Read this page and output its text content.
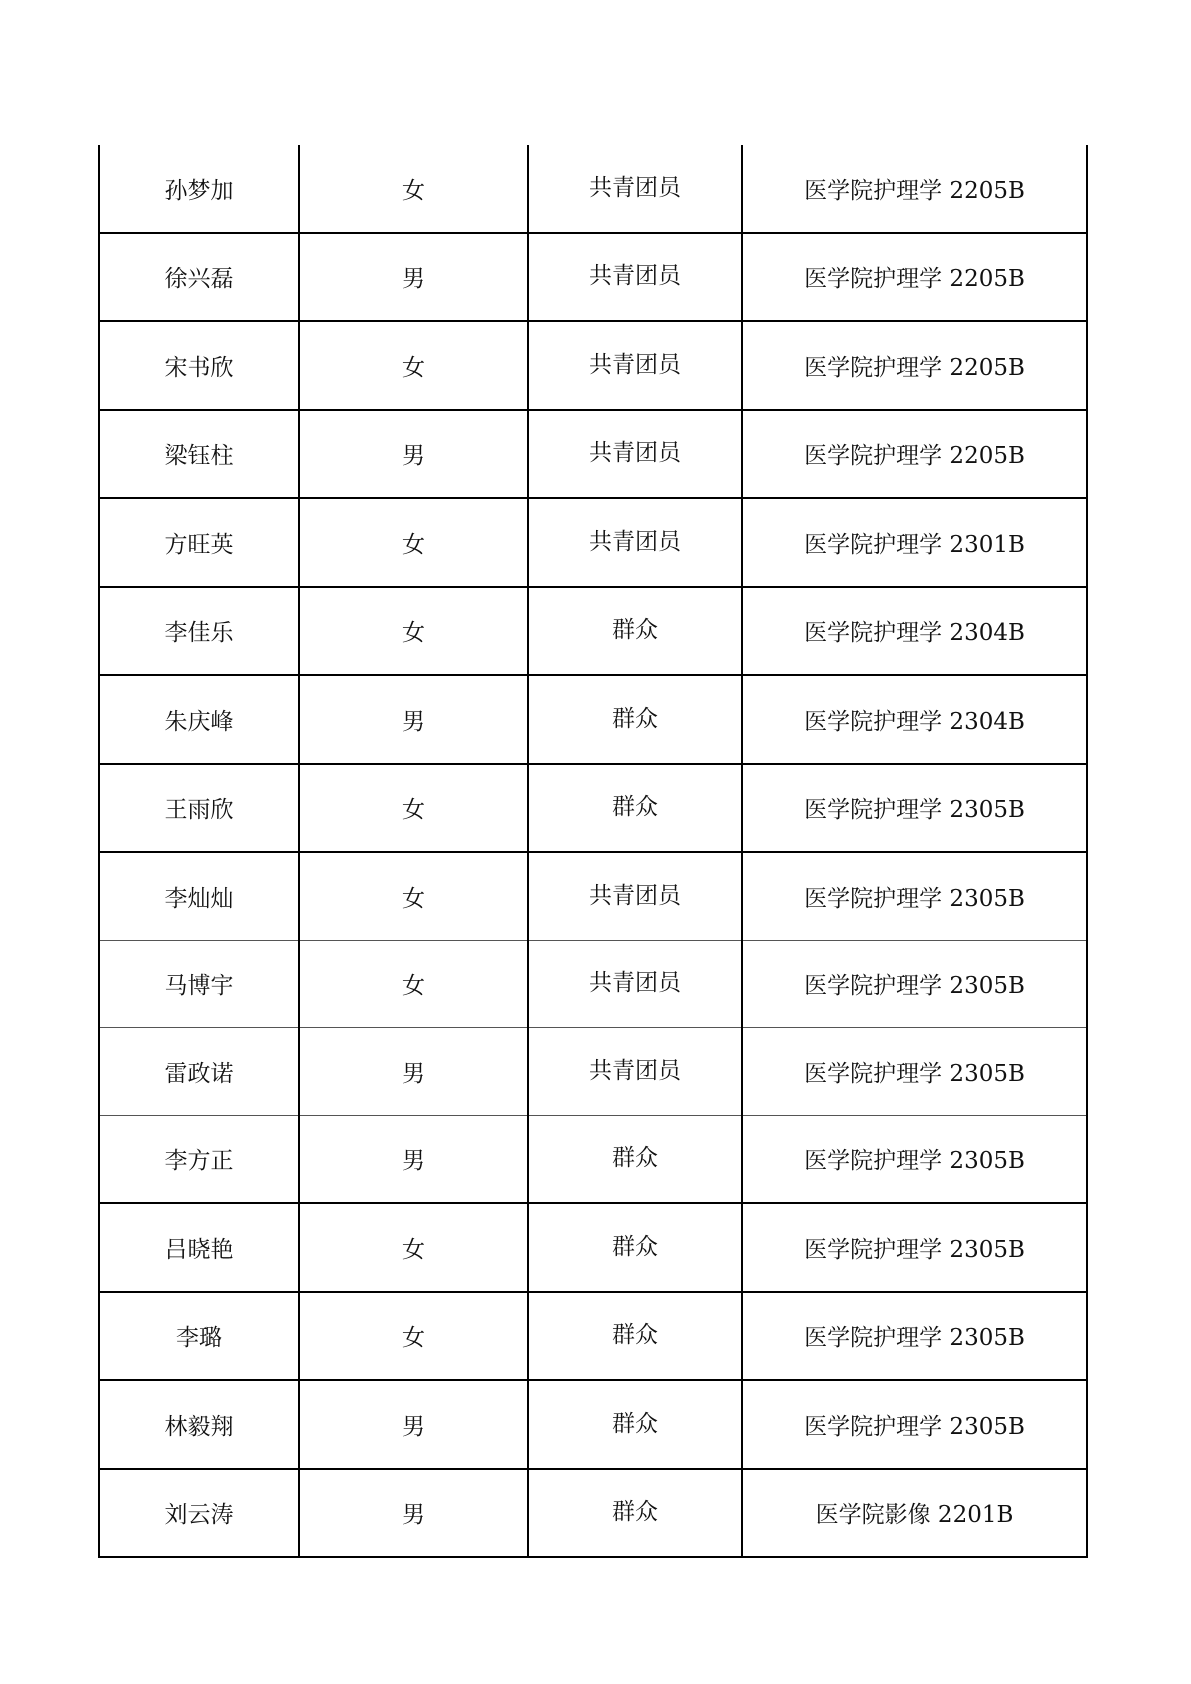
孙梦加	女	共青团员	医学院护理学 2205B
徐兴磊	男	共青团员	医学院护理学 2205B
宋书欣	女	共青团员	医学院护理学 2205B
梁钰柱	男	共青团员	医学院护理学 2205B
方旺英	女	共青团员	医学院护理学 2301B
李佳乐	女	群众	医学院护理学 2304B
朱庆峰	男	群众	医学院护理学 2304B
王雨欣	女	群众	医学院护理学 2305B
李灿灿	女	共青团员	医学院护理学 2305B
马博宇	女	共青团员	医学院护理学 2305B
雷政诺	男	共青团员	医学院护理学 2305B
李方正	男	群众	医学院护理学 2305B
吕晓艳	女	群众	医学院护理学 2305B
李璐	女	群众	医学院护理学 2305B
林毅翔	男	群众	医学院护理学 2305B
刘云涛	男	群众	医学院影像 2201B
